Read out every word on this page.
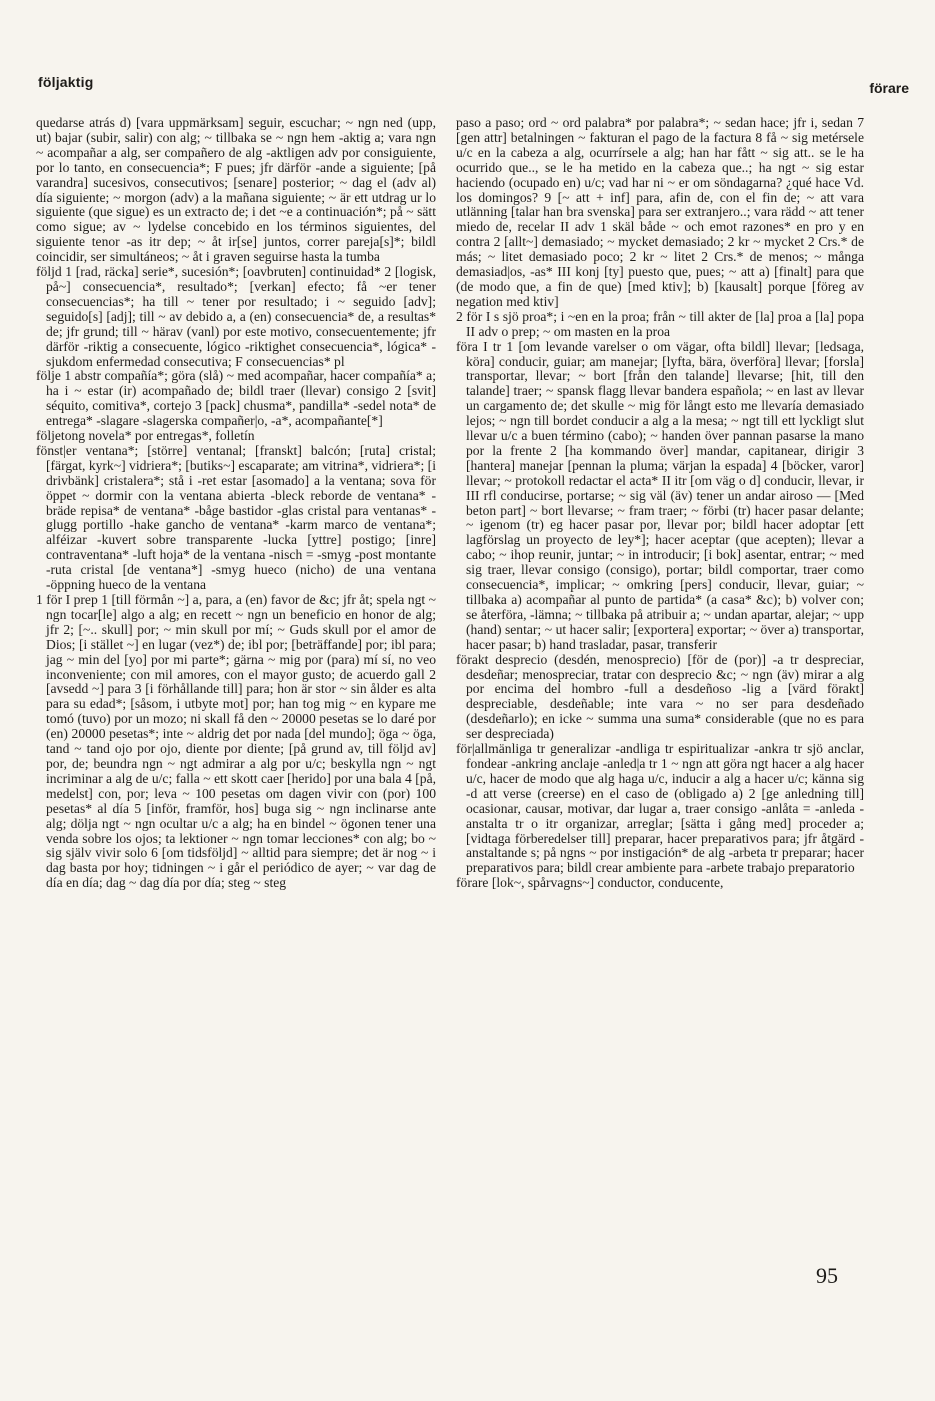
följaktig	förare

quedarse atrás d) [vara uppmärksam] seguir, escuchar; ~ ngn ned (upp, ut) bajar (subir, salir) con alg; ~ tillbaka se ~ ngn hem -aktig a; vara ngn ~ acompañar a alg, ser compañero de alg -aktligen adv por consiguiente, por lo tanto, en consecuencia*; F pues; jfr därför -ande a siguiente; [på varandra] sucesivos, consecutivos; [senare] posterior; ~ dag el (adv al) día siguiente; ~ morgon (adv) a la mañana siguiente; ~ är ett utdrag ur lo siguiente (que sigue) es un extracto de; i det ~e a continuación*; på ~ sätt como sigue; av ~ lydelse concebido en los términos siguientes, del siguiente tenor -as itr dep; ~ åt ir[se] juntos, correr pareja[s]*; bildl coincidir, ser simultáneos; ~ åt i graven seguirse hasta la tumba

följd 1 [rad, räcka] serie*, sucesión*; [oavbruten] continuidad* 2 [logisk, på~] consecuencia*, resultado*; [verkan] efecto; få ~er tener consecuencias*; ha till ~ tener por resultado; i ~ seguido [adv]; seguido[s] [adj]; till ~ av debido a, a (en) consecuencia* de, a resultas* de; jfr grund; till ~ härav (vanl) por este motivo, consecuentemente; jfr därför -riktig a consecuente, lógico -riktighet consecuencia*, lógica* -sjukdom enfermedad consecutiva; F consecuencias* pl

följe 1 abstr compañía*; göra (slå) ~ med acompañar, hacer compañía* a; ha i ~ estar (ir) acompañado de; bildl traer (llevar) consigo 2 [svit] séquito, comitiva*, cortejo 3 [pack] chusma*, pandilla* -sedel nota* de entrega* -slagare -slagerska compañer|o, -a*, acompañante[*]

följetong novela* por entregas*, folletín

fönst|er ventana*; [större] ventanal; [franskt] balcón; [ruta] cristal; [färgat, kyrk~] vidriera*; [butiks~] escaparate; am vitrina*, vidriera*; [i drivbänk] cristalera*; stå i -ret estar [asomado] a la ventana; sova för öppet ~ dormir con la ventana abierta -bleck reborde de ventana* -bräde repisa* de ventana* -båge bastidor -glas cristal para ventanas* -glugg portillo -hake gancho de ventana* -karm marco de ventana*; alféizar -kuvert sobre transparente -lucka [yttre] postigo; [inre] contraventana* -luft hoja* de la ventana -nisch = -smyg -post montante -ruta cristal [de ventana*] -smyg hueco (nicho) de una ventana -öppning hueco de la ventana

1 för I prep 1 [till förmån ~] a, para, a (en) favor de &c; jfr åt; spela ngt ~ ngn tocar[le] algo a alg; en recett ~ ngn un beneficio en honor de alg; jfr 2; [~.. skull] por; ~ min skull por mí; ~ Guds skull por el amor de Dios; [i stället ~] en lugar (vez*) de; ibl por; [beträffande] por; ibl para; jag ~ min del [yo] por mi parte*; gärna ~ mig por (para) mí sí, no veo inconveniente; con mil amores, con el mayor gusto; de acuerdo gall 2 [avsedd ~] para 3 [i förhållande till] para; hon är stor ~ sin ålder es alta para su edad*; [såsom, i utbyte mot] por; han tog mig ~ en kypare me tomó (tuvo) por un mozo; ni skall få den ~ 20000 pesetas se lo daré por (en) 20000 pesetas*; inte ~ aldrig det por nada [del mundo]; öga ~ öga, tand ~ tand ojo por ojo, diente por diente; [på grund av, till följd av] por, de; beundra ngn ~ ngt admirar a alg por u/c; beskylla ngn ~ ngt incriminar a alg de u/c; falla ~ ett skott caer [herido] por una bala 4 [på, medelst] con, por; leva ~ 100 pesetas om dagen vivir con (por) 100 pesetas* al día 5 [inför, framför, hos] buga sig ~ ngn inclinarse ante alg; dölja ngt ~ ngn ocultar u/c a alg; ha en bindel ~ ögonen tener una venda sobre los ojos; ta lektioner ~ ngn tomar lecciones* con alg; bo ~ sig själv vivir solo 6 [om tidsföljd] ~ alltid para siempre; det är nog ~ i dag basta por hoy; tidningen ~ i går el periódico de ayer; ~ var dag de día en día; dag ~ dag día por día; steg ~ steg

paso a paso; ord ~ ord palabra* por palabra*; ~ sedan hace; jfr i, sedan 7 [gen attr] betalningen ~ fakturan el pago de la factura 8 få ~ sig metérsele u/c en la cabeza a alg, ocurrírsele a alg; han har fått ~ sig att.. se le ha ocurrido que.., se le ha metido en la cabeza que..; ha ngt ~ sig estar haciendo (ocupado en) u/c; vad har ni ~ er om söndagarna? ¿qué hace Vd. los domingos? 9 [~ att + inf] para, afin de, con el fin de; ~ att vara utlänning [talar han bra svenska] para ser extranjero..; vara rädd ~ att tener miedo de, recelar II adv 1 skäl både ~ och emot razones* en pro y en contra 2 [allt~] demasiado; ~ mycket demasiado; 2 kr ~ mycket 2 Crs.* de más; ~ litet demasiado poco; 2 kr ~ litet 2 Crs.* de menos; ~ många demasiad|os, -as* III konj [ty] puesto que, pues; ~ att a) [finalt] para que (de modo que, a fin de que) [med ktiv]; b) [kausalt] porque [föreg av negation med ktiv]

2 för I s sjö proa*; i ~en en la proa; från ~ till akter de [la] proa a [la] popa II adv o prep; ~ om masten en la proa

föra I tr 1 [om levande varelser o om vägar, ofta bildl] llevar; [ledsaga, köra] conducir, guiar; am manejar; [lyfta, bära, överföra] llevar; [forsla] transportar, llevar; ~ bort [från den talande] llevarse; [hit, till den talande] traer; ~ spansk flagg llevar bandera española; ~ en last av llevar un cargamento de; det skulle ~ mig för långt esto me llevaría demasiado lejos; ~ ngn till bordet conducir a alg a la mesa; ~ ngt till ett lyckligt slut llevar u/c a buen término (cabo); ~ handen över pannan pasarse la mano por la frente 2 [ha kommando över] mandar, capitanear, dirigir 3 [hantera] manejar [pennan la pluma; värjan la espada] 4 [böcker, varor] llevar; ~ protokoll redactar el acta* II itr [om väg o d] conducir, llevar, ir III rfl conducirse, portarse; ~ sig väl (äv) tener un andar airoso — [Med beton part] ~ bort llevarse; ~ fram traer; ~ förbi (tr) hacer pasar delante; ~ igenom (tr) eg hacer pasar por, llevar por; bildl hacer adoptar [ett lagförslag un proyecto de ley*]; hacer aceptar (que acepten); llevar a cabo; ~ ihop reunir, juntar; ~ in introducir; [i bok] asentar, entrar; ~ med sig traer, llevar consigo (consigo), portar; bildl comportar, traer como consecuencia*, implicar; ~ omkring [pers] conducir, llevar, guiar; ~ tillbaka a) acompañar al punto de partida* (a casa* &c); b) volver con; se återföra, -lämna; ~ tillbaka på atribuir a; ~ undan apartar, alejar; ~ upp (hand) sentar; ~ ut hacer salir; [exportera] exportar; ~ över a) transportar, hacer pasar; b) hand trasladar, pasar, transferir

förakt desprecio (desdén, menosprecio) [för de (por)] -a tr despreciar, desdeñar; menospreciar, tratar con desprecio &c; ~ ngn (äv) mirar a alg por encima del hombro -full a desdeñoso -lig a [värd förakt] despreciable, desdeñable; inte vara ~ no ser para desdeñado (desdeñarlo); en icke ~ summa una suma* considerable (que no es para ser despreciada)

för|allmänliga tr generalizar -andliga tr espiritualizar -ankra tr sjö anclar, fondear -ankring anclaje -anled|a tr 1 ~ ngn att göra ngt hacer a alg hacer u/c, hacer de modo que alg haga u/c, inducir a alg a hacer u/c; känna sig -d att verse (creerse) en el caso de (obligado a) 2 [ge anledning till] ocasionar, causar, motivar, dar lugar a, traer consigo -anlåta = -anleda -anstalta tr o itr organizar, arreglar; [sätta i gång med] proceder a; [vidtaga förberedelser till] preparar, hacer preparativos para; jfr åtgärd -anstaltande s; på ngns ~ por instigación* de alg -arbeta tr preparar; hacer preparativos para; bildl crear ambiente para -arbete trabajo preparatorio

förare [lok~, spårvagns~] conductor, conducente,

95
